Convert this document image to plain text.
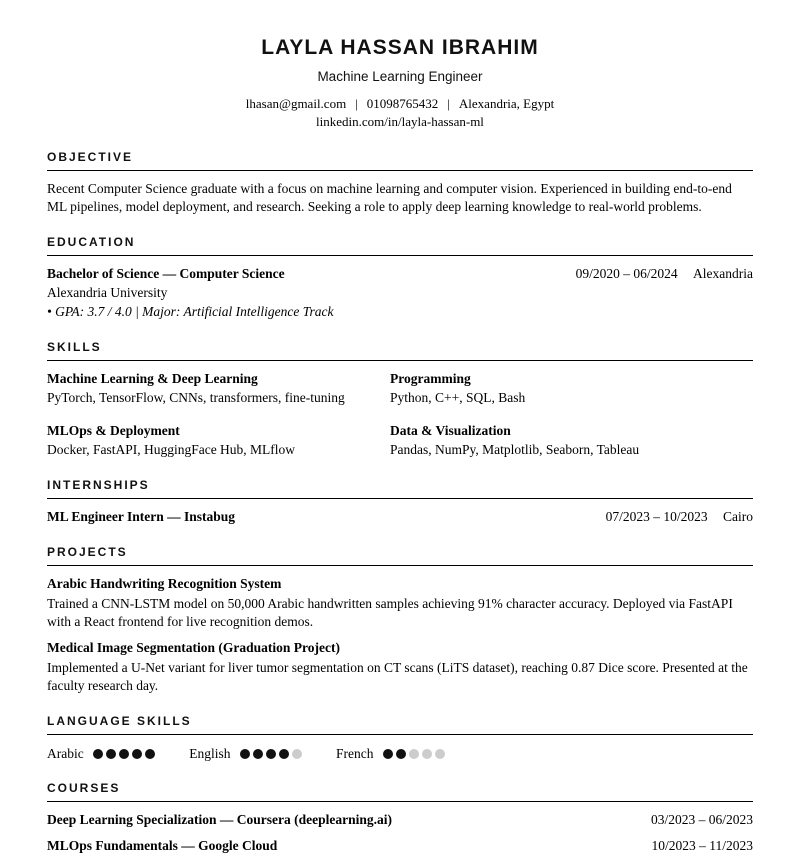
LAYLA HASSAN IBRAHIM
Machine Learning Engineer
lhasan@gmail.com | 01098765432 | Alexandria, Egypt
linkedin.com/in/layla-hassan-ml
OBJECTIVE

Recent Computer Science graduate with a focus on machine learning and computer vision. Experienced in building end-to-end ML pipelines, model deployment, and research. Seeking a role to apply deep learning knowledge to real-world problems.

EDUCATION
Bachelor of Science — Computer Science	09/2020 – 06/2024 Alexandria
Alexandria University
• GPA: 3.7 / 4.0 | Major: Artificial Intelligence Track
SKILLS
Machine Learning & Deep Learning
PyTorch, TensorFlow, CNNs, transformers, fine-tuning
Programming
Python, C++, SQL, Bash
MLOps & Deployment
Docker, FastAPI, HuggingFace Hub, MLflow
Data & Visualization
Pandas, NumPy, Matplotlib, Seaborn, Tableau
INTERNSHIPS
ML Engineer Intern — Instabug	07/2023 – 10/2023 Cairo
PROJECTS
Arabic Handwriting Recognition System

Trained a CNN-LSTM model on 50,000 Arabic handwritten samples achieving 91% character accuracy. Deployed via FastAPI with a React frontend for live recognition demos.

Medical Image Segmentation (Graduation Project)

Implemented a U-Net variant for liver tumor segmentation on CT scans (LiTS dataset), reaching 0.87 Dice score. Presented at the faculty research day.

LANGUAGE SKILLS
Arabic	English	French
COURSES
Deep Learning Specialization — Coursera (deeplearning.ai)	03/2023 – 06/2023
MLOps Fundamentals — Google Cloud	10/2023 – 11/2023
